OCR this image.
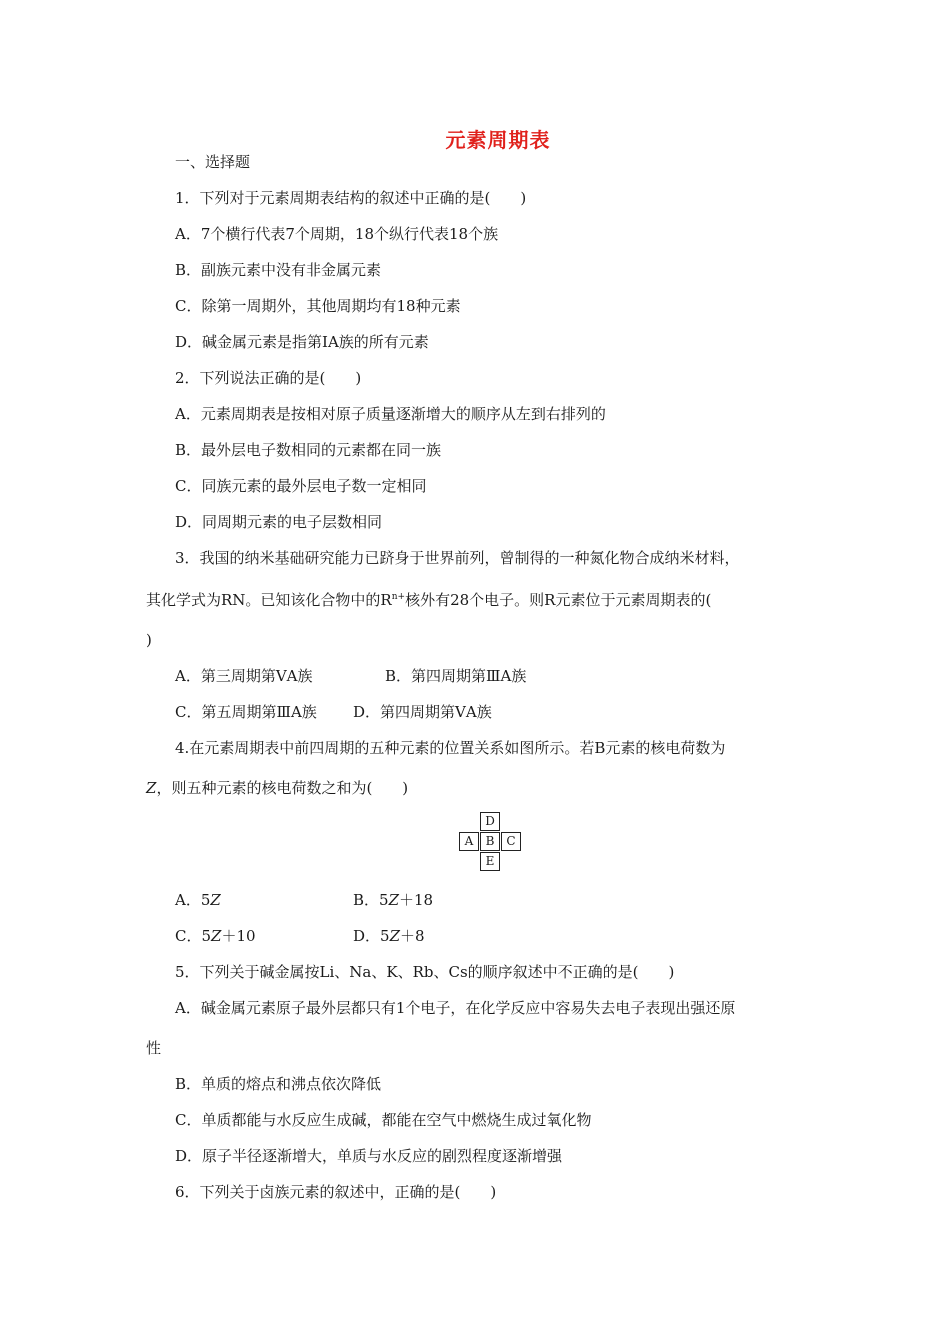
元素周期表
一、选择题
1．下列对于元素周期表结构的叙述中正确的是(　　)
A．7个横行代表7个周期，18个纵行代表18个族
B．副族元素中没有非金属元素
C．除第一周期外，其他周期均有18种元素
D．碱金属元素是指第ⅠA族的所有元素
2．下列说法正确的是(　　)
A．元素周期表是按相对原子质量逐渐增大的顺序从左到右排列的
B．最外层电子数相同的元素都在同一族
C．同族元素的最外层电子数一定相同
D．同周期元素的电子层数相同
3．我国的纳米基础研究能力已跻身于世界前列，曾制得的一种氮化物合成纳米材料，
其化学式为RN。已知该化合物中的$R^{n+}$核外有28个电子。则R元素位于元素周期表的(
)
A．第三周期第ⅤA族	B．第四周期第ⅢA族
C．第五周期第ⅢA族 D．第四周期第ⅤA族
4.在元素周期表中前四周期的五种元素的位置关系如图所示。若B元素的核电荷数为
Z，则五种元素的核电荷数之和为(　　)
D
A	B	C
E
A．5Z	B．5Z＋18
C．5Z＋10	D．5Z＋8
5．下列关于碱金属按Li、Na、K、Rb、Cs的顺序叙述中不正确的是(　　)
A．碱金属元素原子最外层都只有1个电子，在化学反应中容易失去电子表现出强还原
性
B．单质的熔点和沸点依次降低
C．单质都能与水反应生成碱，都能在空气中燃烧生成过氧化物
D．原子半径逐渐增大，单质与水反应的剧烈程度逐渐增强
6．下列关于卤族元素的叙述中，正确的是(　　)
